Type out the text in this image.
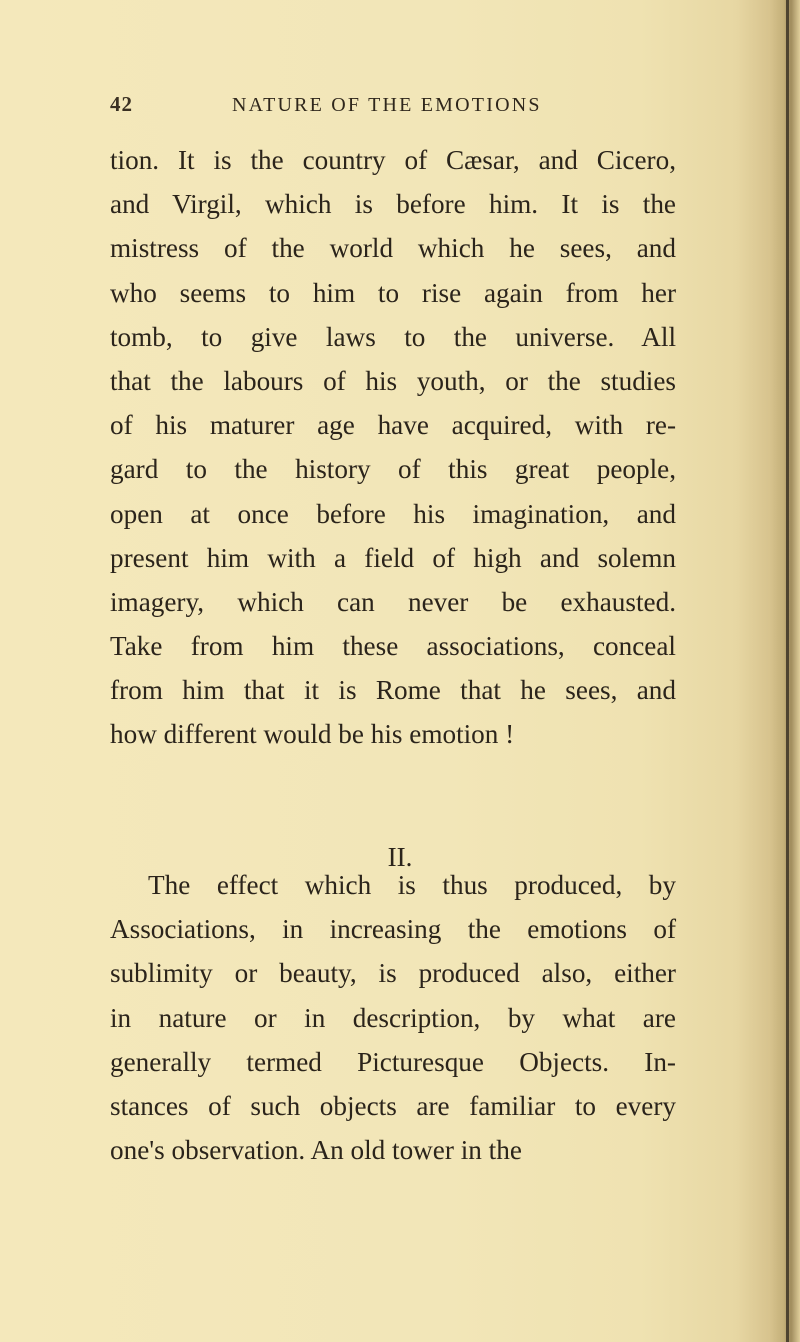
42	NATURE OF THE EMOTIONS
tion. It is the country of Cæsar, and Cicero,
and Virgil, which is before him. It is the
mistress of the world which he sees, and
who seems to him to rise again from her
tomb, to give laws to the universe. All
that the labours of his youth, or the studies
of his maturer age have acquired, with re-
gard to the history of this great people,
open at once before his imagination, and
present him with a field of high and solemn
imagery, which can never be exhausted.
Take from him these associations, conceal
from him that it is Rome that he sees, and
how different would be his emotion !
II.
The effect which is thus produced, by
Associations, in increasing the emotions of
sublimity or beauty, is produced also, either
in nature or in description, by what are
generally termed Picturesque Objects. In-
stances of such objects are familiar to every
one's observation. An old tower in the
